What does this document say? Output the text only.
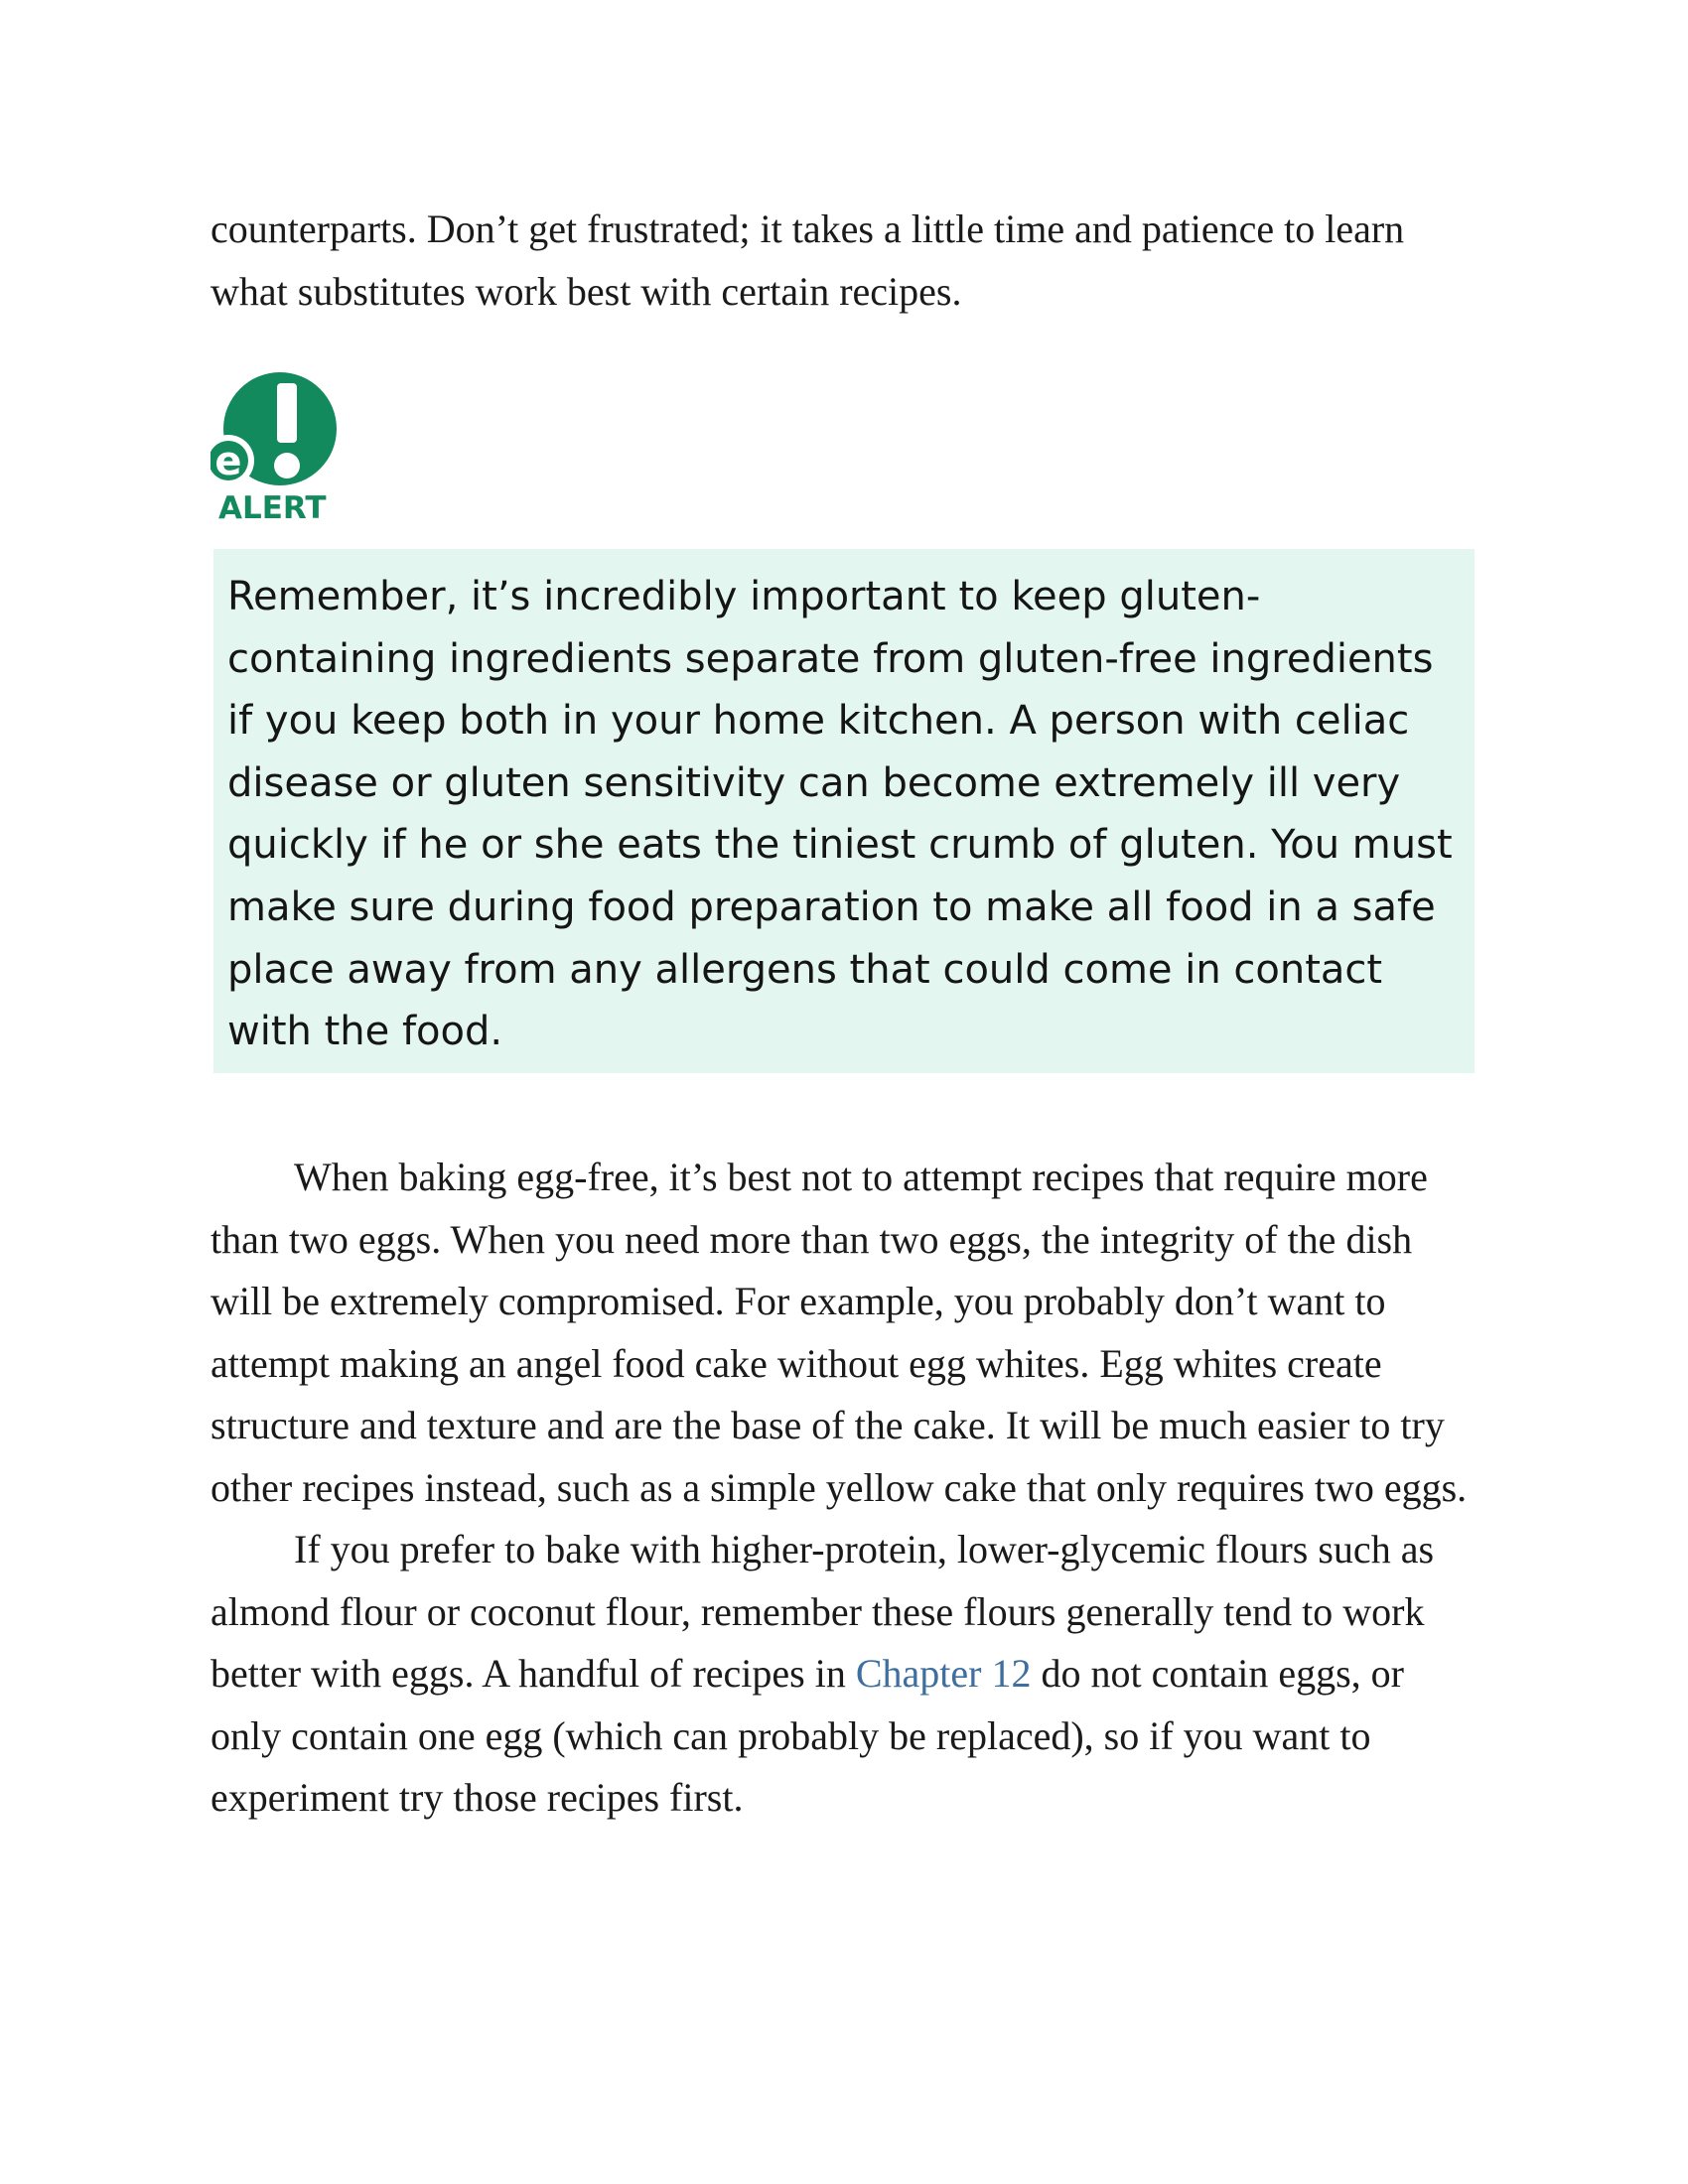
counterparts. Don’t get frustrated; it takes a little time and patience to learn what substitutes work best with certain recipes.

e
ALERT

Remember, it’s incredibly important to keep gluten-containing ingredients separate from gluten-free ingredients if you keep both in your home kitchen. A person with celiac disease or gluten sensitivity can become extremely ill very quickly if he or she eats the tiniest crumb of gluten. You must make sure during food preparation to make all food in a safe place away from any allergens that could come in contact with the food.

When baking egg-free, it’s best not to attempt recipes that require more than two eggs. When you need more than two eggs, the integrity of the dish will be extremely compromised. For example, you probably don’t want to attempt making an angel food cake without egg whites. Egg whites create structure and texture and are the base of the cake. It will be much easier to try other recipes instead, such as a simple yellow cake that only requires two eggs.

If you prefer to bake with higher-protein, lower-glycemic flours such as almond flour or coconut flour, remember these flours generally tend to work better with eggs. A handful of recipes in Chapter 12 do not contain eggs, or only contain one egg (which can probably be replaced), so if you want to experiment try those recipes first.
